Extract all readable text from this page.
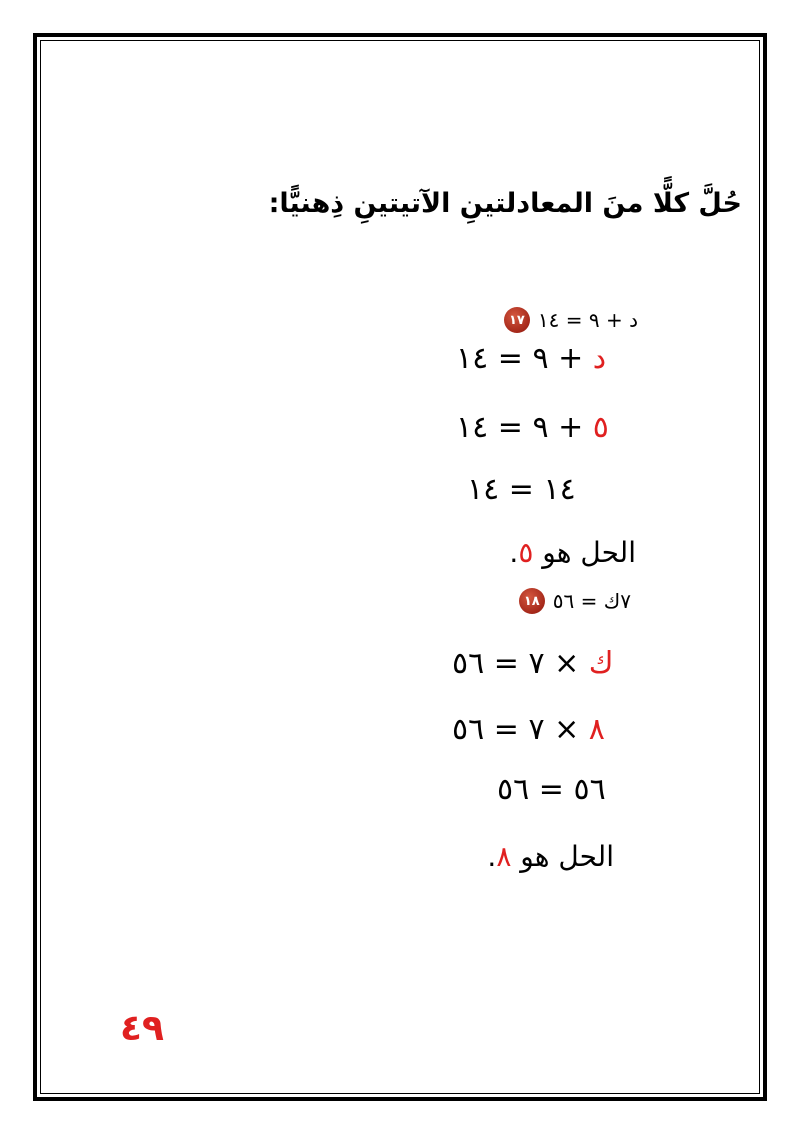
حُلَّ كلًّا منَ المعادلتينِ الآتيتينِ ذِهنيًّا:
١٧ د + ٩ = ١٤
د + ٩ = ١٤
٥ + ٩ = ١٤
١٤ = ١٤
الحل هو ٥.
١٨ ٧ك = ٥٦
ك × ٧ = ٥٦
٨ × ٧ = ٥٦
٥٦ = ٥٦
الحل هو ٨.
٤٩
